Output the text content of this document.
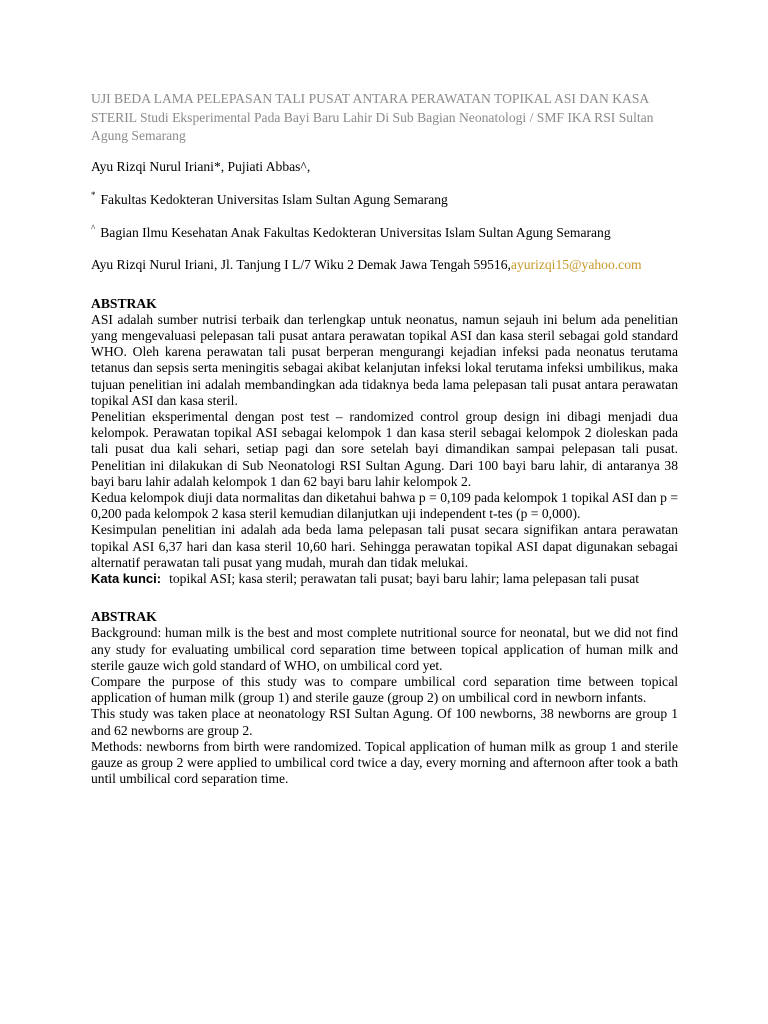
UJI BEDA LAMA PELEPASAN TALI PUSAT ANTARA PERAWATAN TOPIKAL ASI DAN KASA STERIL Studi Eksperimental Pada Bayi Baru Lahir Di Sub Bagian Neonatologi / SMF IKA RSI Sultan Agung Semarang

Ayu Rizqi Nurul Iriani*, Pujiati Abbas^,

* Fakultas Kedokteran Universitas Islam Sultan Agung Semarang

^ Bagian Ilmu Kesehatan Anak Fakultas Kedokteran Universitas Islam Sultan Agung Semarang

Ayu Rizqi Nurul Iriani, Jl. Tanjung I L/7 Wiku 2 Demak Jawa Tengah 59516,ayurizqi15@yahoo.com

ABSTRAK

ASI adalah sumber nutrisi terbaik dan terlengkap untuk neonatus, namun sejauh ini belum ada penelitian yang mengevaluasi pelepasan tali pusat antara perawatan topikal ASI dan kasa steril sebagai gold standard WHO. Oleh karena perawatan tali pusat berperan mengurangi kejadian infeksi pada neonatus terutama tetanus dan sepsis serta meningitis sebagai akibat kelanjutan infeksi lokal terutama infeksi umbilikus, maka tujuan penelitian ini adalah membandingkan ada tidaknya beda lama pelepasan tali pusat antara perawatan topikal ASI dan kasa steril.

Penelitian eksperimental dengan post test – randomized control group design ini dibagi menjadi dua kelompok. Perawatan topikal ASI sebagai kelompok 1 dan kasa steril sebagai kelompok 2 dioleskan pada tali pusat dua kali sehari, setiap pagi dan sore setelah bayi dimandikan sampai pelepasan tali pusat. Penelitian ini dilakukan di Sub Neonatologi RSI Sultan Agung. Dari 100 bayi baru lahir, di antaranya 38 bayi baru lahir adalah kelompok 1 dan 62 bayi baru lahir kelompok 2.

Kedua kelompok diuji data normalitas dan diketahui bahwa p = 0,109 pada kelompok 1 topikal ASI dan p = 0,200 pada kelompok 2 kasa steril kemudian dilanjutkan uji independent t-tes (p = 0,000).

Kesimpulan penelitian ini adalah ada beda lama pelepasan tali pusat secara signifikan antara perawatan topikal ASI 6,37 hari dan kasa steril 10,60 hari. Sehingga perawatan topikal ASI dapat digunakan sebagai alternatif perawatan tali pusat yang mudah, murah dan tidak melukai.

Kata kunci: topikal ASI; kasa steril; perawatan tali pusat; bayi baru lahir; lama pelepasan tali pusat

ABSTRAK

Background: human milk is the best and most complete nutritional source for neonatal, but we did not find any study for evaluating umbilical cord separation time between topical application of human milk and sterile gauze wich gold standard of WHO, on umbilical cord yet.

Compare the purpose of this study was to compare umbilical cord separation time between topical application of human milk (group 1) and sterile gauze (group 2) on umbilical cord in newborn infants.

This study was taken place at neonatology RSI Sultan Agung. Of 100 newborns, 38 newborns are group 1 and 62 newborns are group 2.

Methods: newborns from birth were randomized. Topical application of human milk as group 1 and sterile gauze as group 2 were applied to umbilical cord twice a day, every morning and afternoon after took a bath until umbilical cord separation time.
